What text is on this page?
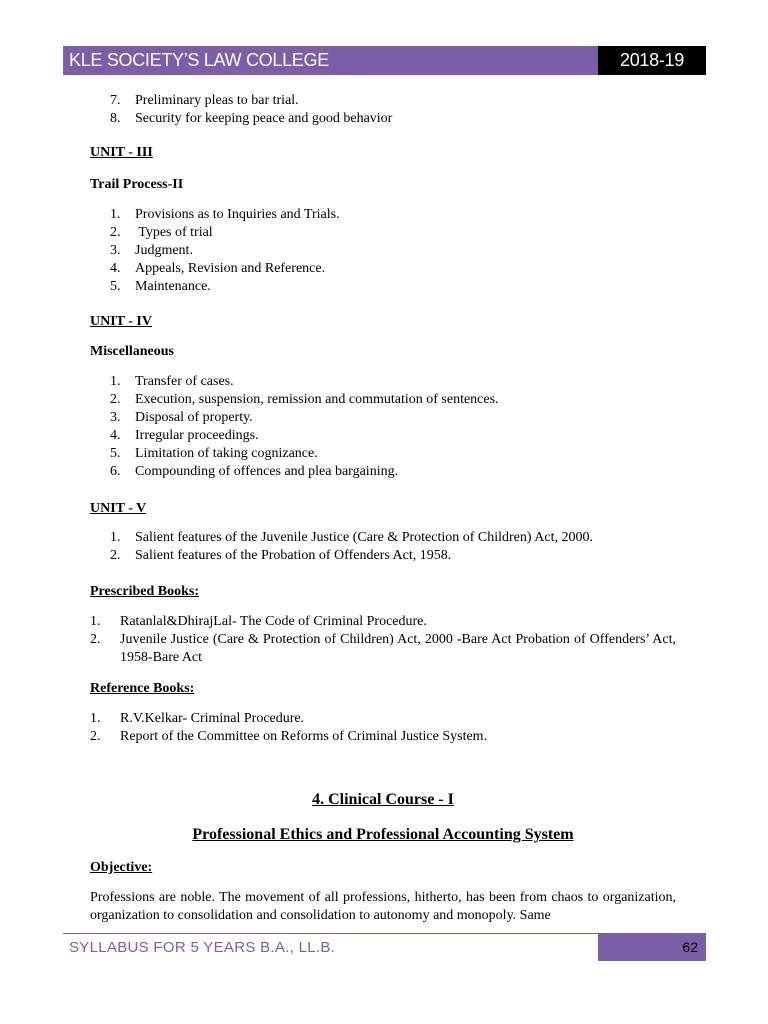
KLE SOCIETY’S LAW COLLEGE	2018-19
7. Preliminary pleas to bar trial.
8. Security for keeping peace and good behavior
UNIT - III
Trail Process-II
1. Provisions as to Inquiries and Trials.
2. Types of trial
3. Judgment.
4. Appeals, Revision and Reference.
5. Maintenance.
UNIT - IV
Miscellaneous
1. Transfer of cases.
2. Execution, suspension, remission and commutation of sentences.
3. Disposal of property.
4. Irregular proceedings.
5. Limitation of taking cognizance.
6. Compounding of offences and plea bargaining.
UNIT - V
1. Salient features of the Juvenile Justice (Care & Protection of Children) Act, 2000.
2. Salient features of the Probation of Offenders Act, 1958.
Prescribed Books:
1. Ratanlal&DhirajLal- The Code of Criminal Procedure.
2. Juvenile Justice (Care & Protection of Children) Act, 2000 -Bare Act Probation of Offenders’ Act, 1958-Bare Act
Reference Books:
1. R.V.Kelkar- Criminal Procedure.
2. Report of the Committee on Reforms of Criminal Justice System.
4. Clinical Course - I
Professional Ethics and Professional Accounting System
Objective:
Professions are noble. The movement of all professions, hitherto, has been from chaos to organization, organization to consolidation and consolidation to autonomy and monopoly. Same
SYLLABUS FOR 5 YEARS B.A., LL.B.	62
